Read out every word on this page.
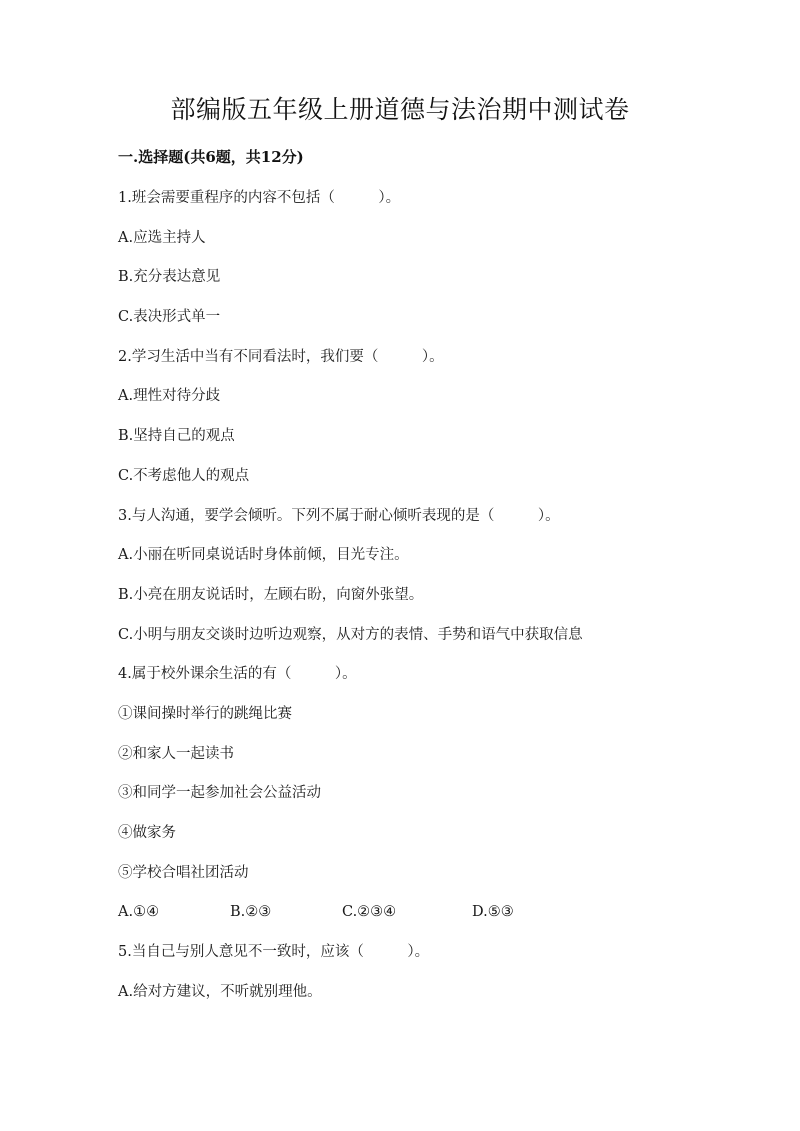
部编版五年级上册道德与法治期中测试卷
一.选择题(共6题，共12分)
1.班会需要重程序的内容不包括（　　　）。
A.应选主持人
B.充分表达意见
C.表决形式单一
2.学习生活中当有不同看法时，我们要（　　　）。
A.理性对待分歧
B.坚持自己的观点
C.不考虑他人的观点
3.与人沟通，要学会倾听。下列不属于耐心倾听表现的是（　　　）。
A.小丽在听同桌说话时身体前倾，目光专注。
B.小亮在朋友说话时，左顾右盼，向窗外张望。
C.小明与朋友交谈时边听边观察，从对方的表情、手势和语气中获取信息
4.属于校外课余生活的有（　　　）。
①课间操时举行的跳绳比赛
②和家人一起读书
③和同学一起参加社会公益活动
④做家务
⑤学校合唱社团活动
A.①④	B.②③	C.②③④	D.⑤③
5.当自己与别人意见不一致时，应该（　　　）。
A.给对方建议，不听就别理他。
